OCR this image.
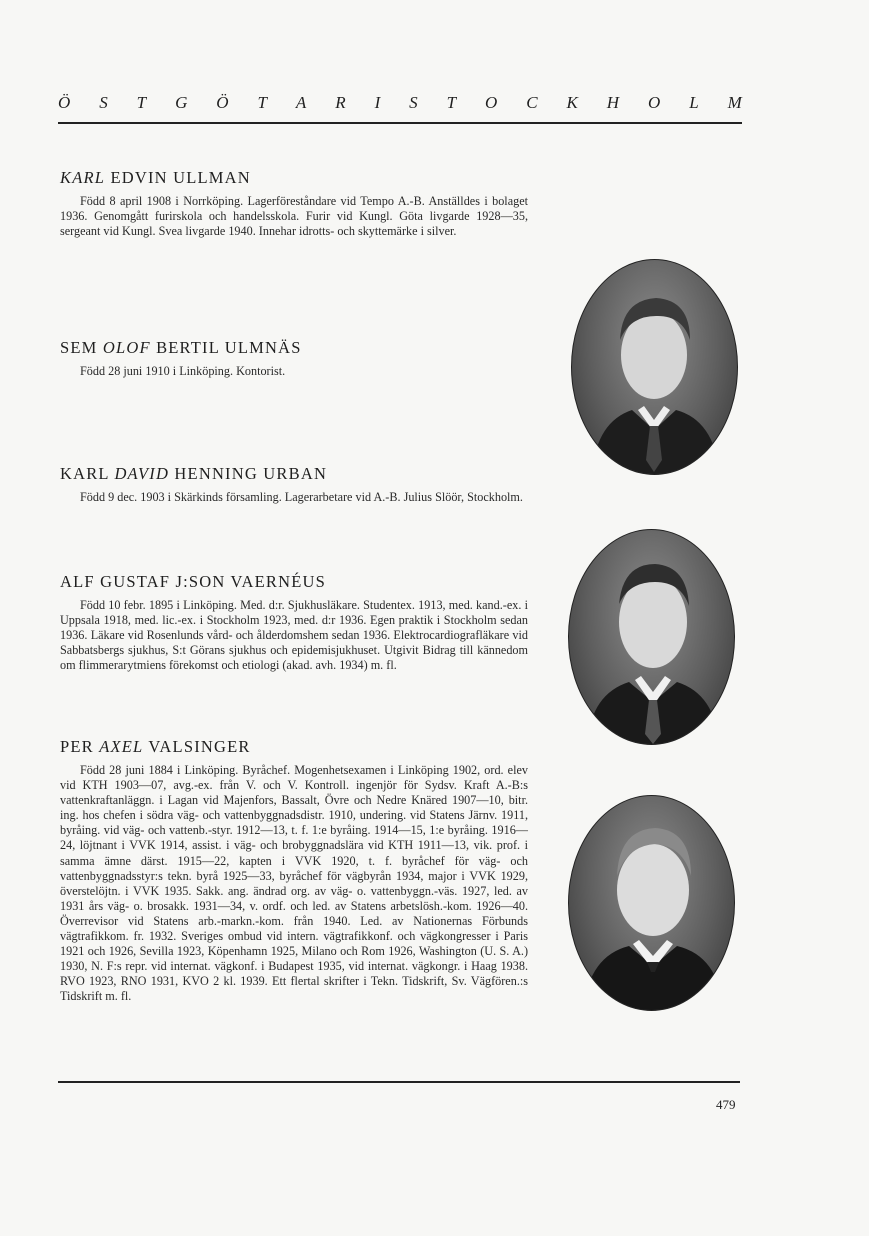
Ö S T G Ö T A R I S T O C K H O L M
KARL EDVIN ULLMAN

Född 8 april 1908 i Norrköping. Lagerföreståndare vid Tempo A.-B. Anställdes i bolaget 1936. Genomgått furirskola och handelsskola. Furir vid Kungl. Göta livgarde 1928—35, sergeant vid Kungl. Svea livgarde 1940. Innehar idrotts- och skyttemärke i silver.

SEM OLOF BERTIL ULMNÄS

Född 28 juni 1910 i Linköping. Kontorist.

KARL DAVID HENNING URBAN

Född 9 dec. 1903 i Skärkinds församling. Lagerarbetare vid A.-B. Julius Slöör, Stockholm.

ALF GUSTAF J:SON VAERNÉUS

Född 10 febr. 1895 i Linköping. Med. d:r. Sjukhusläkare. Studentex. 1913, med. kand.-ex. i Uppsala 1918, med. lic.-ex. i Stockholm 1923, med. d:r 1936. Egen praktik i Stockholm sedan 1936. Läkare vid Rosenlunds vård- och ålderdomshem sedan 1936. Elektrocardiografläkare vid Sabbatsbergs sjukhus, S:t Görans sjukhus och epidemisjukhuset. Utgivit Bidrag till kännedom om flimmerarytmiens förekomst och etiologi (akad. avh. 1934) m. fl.

PER AXEL VALSINGER

Född 28 juni 1884 i Linköping. Byråchef. Mogenhetsexamen i Linköping 1902, ord. elev vid KTH 1903—07, avg.-ex. från V. och V. Kontroll. ingenjör för Sydsv. Kraft A.-B:s vattenkraftanläggn. i Lagan vid Majenfors, Bassalt, Övre och Nedre Knäred 1907—10, bitr. ing. hos chefen i södra väg- och vattenbyggnadsdistr. 1910, undering. vid Statens Järnv. 1911, byråing. vid väg- och vattenb.-styr. 1912—13, t. f. 1:e byråing. 1914—15, 1:e byråing. 1916—24, löjtnant i VVK 1914, assist. i väg- och brobyggnadslära vid KTH 1911—13, vik. prof. i samma ämne därst. 1915—22, kapten i VVK 1920, t. f. byråchef för väg- och vattenbyggnadsstyr:s tekn. byrå 1925—33, byråchef för vägbyrån 1934, major i VVK 1929, överstelöjtn. i VVK 1935. Sakk. ang. ändrad org. av väg- o. vattenbyggn.-väs. 1927, led. av 1931 års väg- o. brosakk. 1931—34, v. ordf. och led. av Statens arbetslösh.-kom. 1926—40. Överrevisor vid Statens arb.-markn.-kom. från 1940. Led. av Nationernas Förbunds vägtrafikkom. fr. 1932. Sveriges ombud vid intern. vägtrafikkonf. och vägkongresser i Paris 1921 och 1926, Sevilla 1923, Köpenhamn 1925, Milano och Rom 1926, Washington (U. S. A.) 1930, N. F:s repr. vid internat. vägkonf. i Budapest 1935, vid internat. vägkongr. i Haag 1938. RVO 1923, RNO 1931, KVO 2 kl. 1939. Ett flertal skrifter i Tekn. Tidskrift, Sv. Vägfören.:s Tidskrift m. fl.

479
